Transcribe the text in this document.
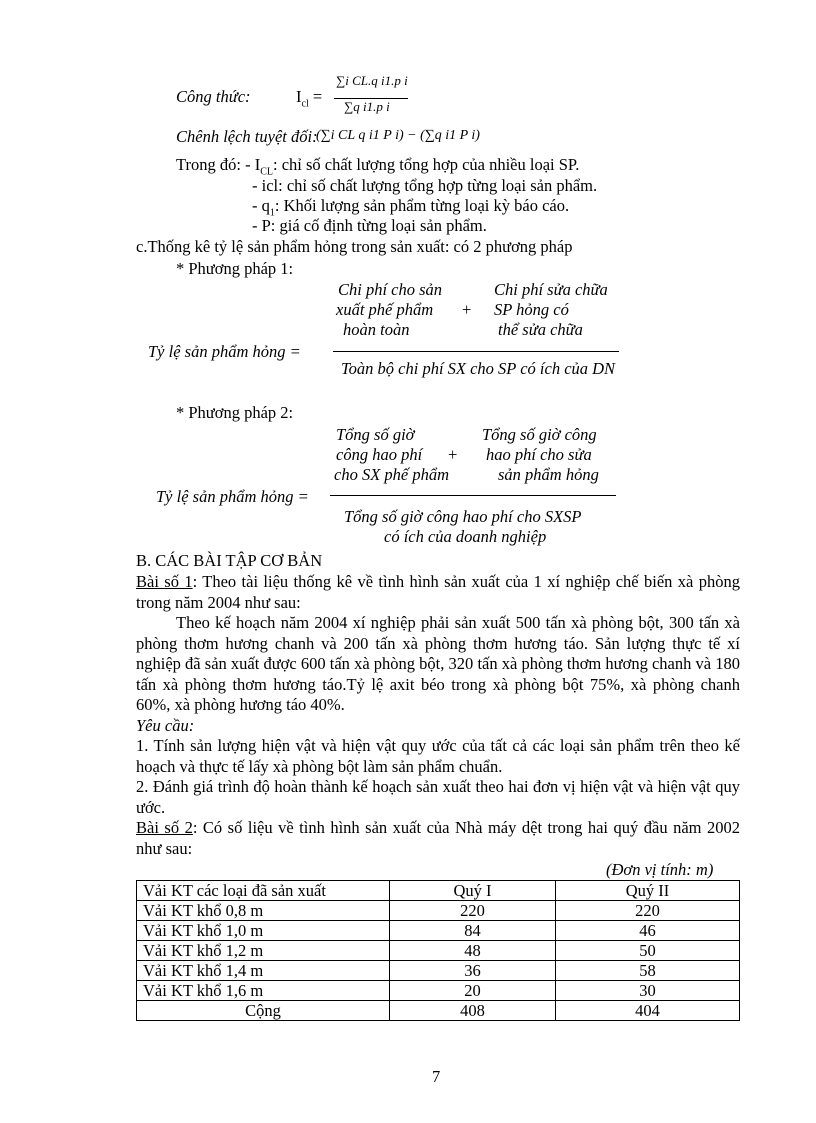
Công thức:	$I_{cl}$ =
∑i CL.q i1.p i
∑q i1.p i
Chênh lệch tuyệt đối:
(∑i CL q i1 P i) − (∑q i1 P i)
Trong đó: - $I_{CL}$: chỉ số chất lượng tổng hợp của nhiều loại SP.
- icl: chỉ số chất lượng tổng hợp từng loại sản phẩm.
- $q_1$: Khối lượng sản phẩm từng loại kỳ báo cáo.
- P: giá cố định từng loại sản phẩm.
c.Thống kê tỷ lệ sản phẩm hỏng trong sản xuất: có 2 phương pháp
* Phương pháp 1:
Chi phí cho sản
xuất phế phẩm
hoàn toàn
+
Chi phí sửa chữa
SP hỏng có
thể sửa chữa
Tỷ lệ sản phẩm hỏng =
Toàn bộ chi phí SX cho SP có ích của DN
* Phương pháp 2:
Tổng số giờ
công hao phí
cho SX phế phẩm
+
Tổng số giờ công
hao phí cho sửa
sản phẩm hỏng
Tỷ lệ sản phẩm hỏng =
Tổng số giờ công hao phí cho SXSP
có ích của doanh nghiệp
B. CÁC BÀI TẬP CƠ BẢN

Bài số 1: Theo tài liệu thống kê về tình hình sản xuất của 1 xí nghiệp chế biến xà phòng trong năm 2004 như sau:

Theo kế hoạch năm 2004 xí nghiệp phải sản xuất 500 tấn xà phòng bột, 300 tấn xà phòng thơm hương chanh và 200 tấn xà phòng thơm hương táo. Sản lượng thực tế xí nghiệp đã sản xuất được 600 tấn xà phòng bột, 320 tấn xà phòng thơm hương chanh và 180 tấn xà phòng thơm hương táo.Tỷ lệ axit béo trong xà phòng bột 75%, xà phòng chanh 60%, xà phòng hương táo 40%.

Yêu cầu:

1. Tính sản lượng hiện vật và hiện vật quy ước của tất cả các loại sản phẩm trên theo kế hoạch và thực tế lấy xà phòng bột làm sản phẩm chuẩn.

2. Đánh giá trình độ hoàn thành kế hoạch sản xuất theo hai đơn vị hiện vật và hiện vật quy ước.

Bài số 2: Có số liệu về tình hình sản xuất của Nhà máy dệt trong hai quý đầu năm 2002 như sau:

(Đơn vị tính: m)
Vải KT các loại đã sản xuất	Quý I	Quý II
Vải KT khổ 0,8 m	220	220
Vải KT khổ 1,0 m	84	46
Vải KT khổ 1,2 m	48	50
Vải KT khổ 1,4 m	36	58
Vải KT khổ 1,6 m	20	30
Cộng	408	404
7
